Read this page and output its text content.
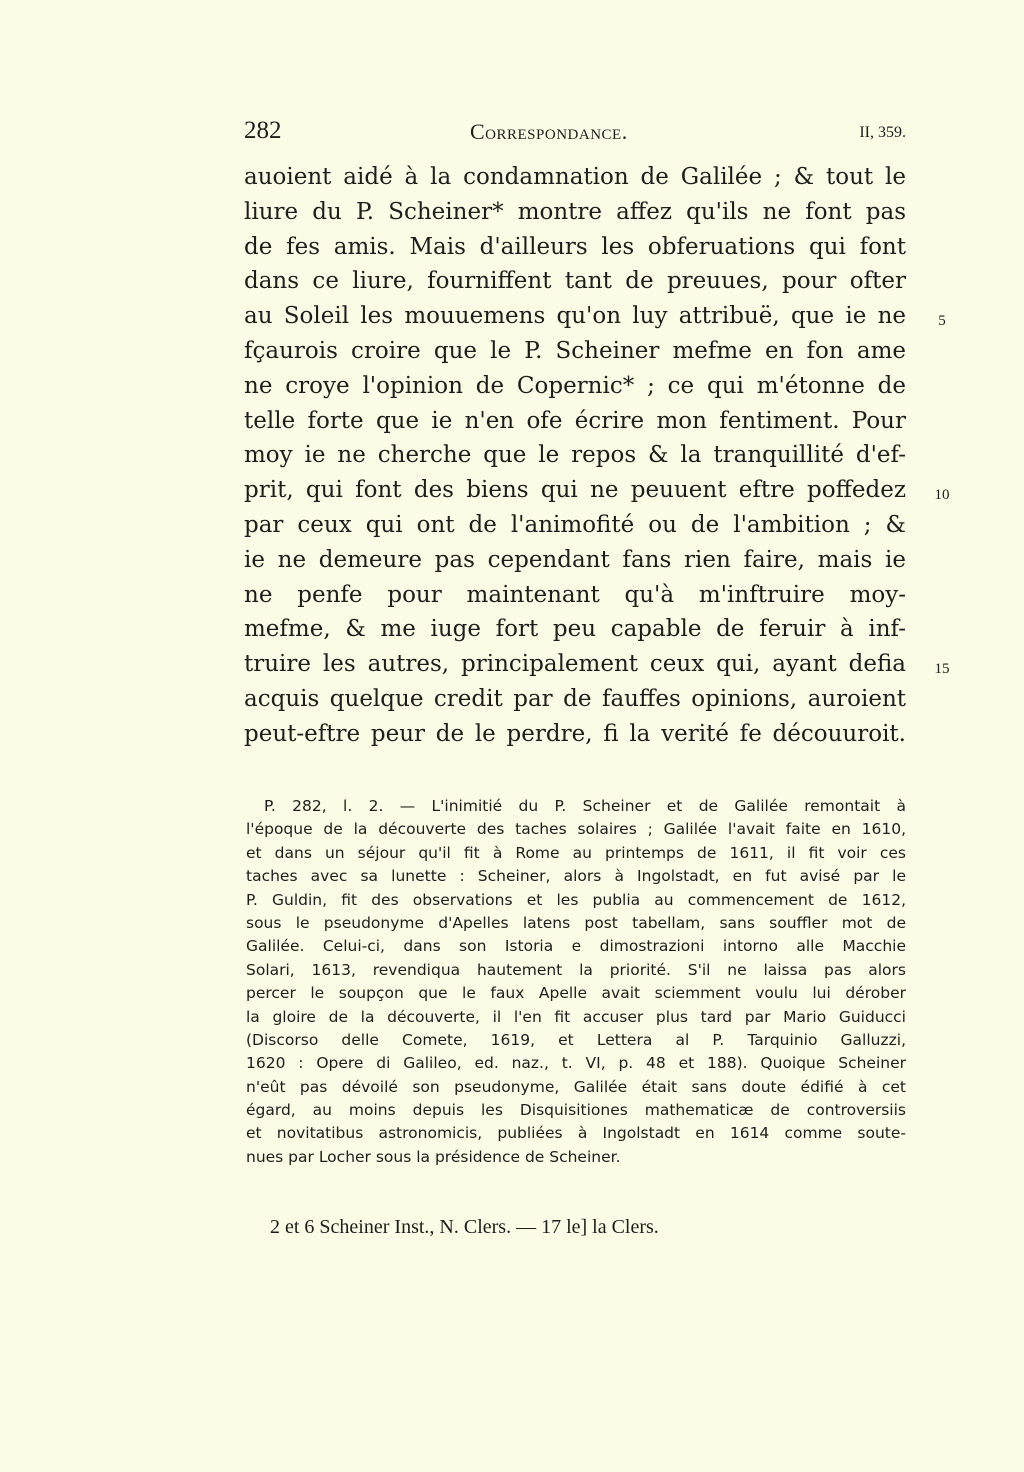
282	Correspondance.	II, 359.
auoient aidé à la condamnation de Galilée ; & tout le
liure du P. Scheiner* montre affez qu'ils ne font pas
de fes amis. Mais d'ailleurs les obferuations qui font
dans ce liure, fourniffent tant de preuues, pour ofter
au Soleil les mouuemens qu'on luy attribuë, que ie ne
fçaurois croire que le P. Scheiner mefme en fon ame
ne croye l'opinion de Copernic* ; ce qui m'étonne de
telle forte que ie n'en ofe écrire mon fentiment. Pour
moy ie ne cherche que le repos & la tranquillité d'ef-
prit, qui font des biens qui ne peuuent eftre poffedez
par ceux qui ont de l'animofité ou de l'ambition ; &
ie ne demeure pas cependant fans rien faire, mais ie
ne penfe pour maintenant qu'à m'inftruire moy-
mefme, & me iuge fort peu capable de feruir à inf-
truire les autres, principalement ceux qui, ayant defia
acquis quelque credit par de fauffes opinions, auroient
peut-eftre peur de le perdre, fi la verité fe découuroit.
5
10
15
P. 282, l. 2. — L'inimitié du P. Scheiner et de Galilée remontait à
l'époque de la découverte des taches solaires ; Galilée l'avait faite en 1610,
et dans un séjour qu'il fit à Rome au printemps de 1611, il fit voir ces
taches avec sa lunette : Scheiner, alors à Ingolstadt, en fut avisé par le
P. Guldin, fit des observations et les publia au commencement de 1612,
sous le pseudonyme d'Apelles latens post tabellam, sans souffler mot de
Galilée. Celui-ci, dans son Istoria e dimostrazioni intorno alle Macchie
Solari, 1613, revendiqua hautement la priorité. S'il ne laissa pas alors
percer le soupçon que le faux Apelle avait sciemment voulu lui dérober
la gloire de la découverte, il l'en fit accuser plus tard par Mario Guiducci
(Discorso delle Comete, 1619, et Lettera al P. Tarquinio Galluzzi,
1620 : Opere di Galileo, ed. naz., t. VI, p. 48 et 188). Quoique Scheiner
n'eût pas dévoilé son pseudonyme, Galilée était sans doute édifié à cet
égard, au moins depuis les Disquisitiones mathematicæ de controversiis
et novitatibus astronomicis, publiées à Ingolstadt en 1614 comme soute-
nues par Locher sous la présidence de Scheiner.
2 et 6 Scheiner Inst., N. Clers. — 17 le] la Clers.
